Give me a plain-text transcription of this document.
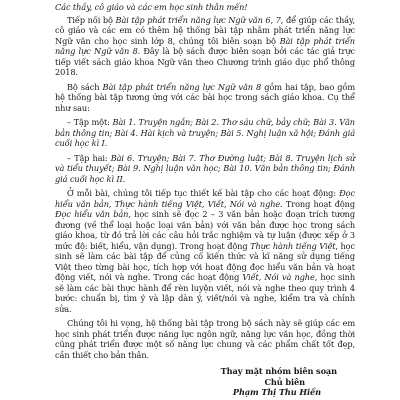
Các thầy, cô giáo và các em học sinh thân mến!

Tiếp nối bộ Bài tập phát triển năng lực Ngữ văn 6, 7, để giúp các thầy, cô giáo và các em có thêm hệ thống bài tập nhằm phát triển năng lực Ngữ văn cho học sinh lớp 8, chúng tôi biên soạn bộ Bài tập phát triển năng lực Ngữ văn 8. Đây là bộ sách được biên soạn bởi các tác giả trực tiếp viết sách giáo khoa Ngữ văn theo Chương trình giáo dục phổ thông 2018.

Bộ sách Bài tập phát triển năng lực Ngữ văn 8 gồm hai tập, bao gồm hệ thống bài tập tương ứng với các bài học trong sách giáo khoa. Cụ thể như sau:

– Tập một: Bài 1. Truyện ngắn; Bài 2. Thơ sáu chữ, bảy chữ; Bài 3. Văn bản thông tin; Bài 4. Hài kịch và truyện; Bài 5. Nghị luận xã hội; Đánh giá cuối học kì I.

– Tập hai: Bài 6. Truyện; Bài 7. Thơ Đường luật; Bài 8. Truyện lịch sử và tiểu thuyết; Bài 9. Nghị luận văn học; Bài 10. Văn bản thông tin; Đánh giá cuối học kì II.

Ở mỗi bài, chúng tôi tiếp tục thiết kế bài tập cho các hoạt động: Đọc hiểu văn bản, Thực hành tiếng Việt, Viết, Nói và nghe. Trong hoạt động Đọc hiểu văn bản, học sinh sẽ đọc 2 – 3 văn bản hoặc đoạn trích tương đương (về thể loại hoặc loại văn bản) với văn bản được học trong sách giáo khoa, từ đó trả lời các câu hỏi trắc nghiệm và tự luận (được xếp ở 3 mức độ: biết, hiểu, vận dụng). Trong hoạt động Thực hành tiếng Việt, học sinh sẽ làm các bài tập để củng cố kiến thức và kĩ năng sử dụng tiếng Việt theo từng bài học, tích hợp với hoạt động đọc hiểu văn bản và hoạt động viết, nói và nghe. Trong các hoạt động Viết, Nói và nghe, học sinh sẽ làm các bài thực hành để rèn luyện viết, nói và nghe theo quy trình 4 bước: chuẩn bị, tìm ý và lập dàn ý, viết/nói và nghe, kiểm tra và chỉnh sửa.

Chúng tôi hi vọng, hệ thống bài tập trong bộ sách này sẽ giúp các em học sinh phát triển được năng lực ngôn ngữ, năng lực văn học, đồng thời cũng phát triển được một số năng lực chung và các phẩm chất tốt đẹp, cần thiết cho bản thân.

Thay mặt nhóm biên soạn
Chủ biên
Phạm Thị Thu Hiền
